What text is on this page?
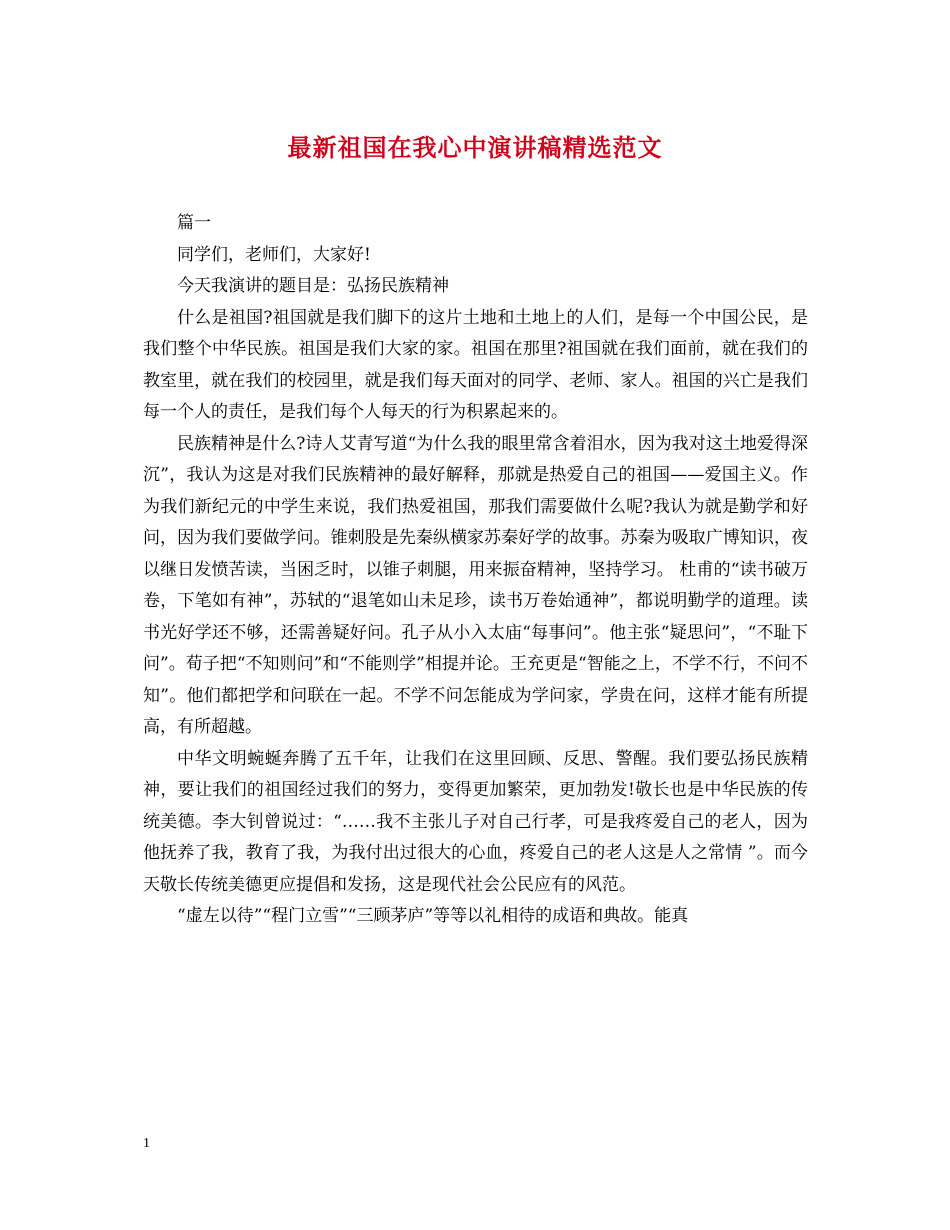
最新祖国在我心中演讲稿精选范文

篇一

同学们，老师们，大家好!

今天我演讲的题目是：弘扬民族精神

什么是祖国?祖国就是我们脚下的这片土地和土地上的人们，是每一个中国公民，是我们整个中华民族。祖国是我们大家的家。祖国在那里?祖国就在我们面前，就在我们的教室里，就在我们的校园里，就是我们每天面对的同学、老师、家人。祖国的兴亡是我们每一个人的责任，是我们每个人每天的行为积累起来的。

民族精神是什么?诗人艾青写道“为什么我的眼里常含着泪水，因为我对这土地爱得深沉”，我认为这是对我们民族精神的最好解释，那就是热爱自己的祖国——爱国主义。作为我们新纪元的中学生来说，我们热爱祖国，那我们需要做什么呢?我认为就是勤学和好问，因为我们要做学问。锥刺股是先秦纵横家苏秦好学的故事。苏秦为吸取广博知识，夜以继日发愤苦读，当困乏时，以锥子刺腿，用来振奋精神，坚持学习。 杜甫的“读书破万卷，下笔如有神”，苏轼的“退笔如山未足珍，读书万卷始通神”，都说明勤学的道理。读书光好学还不够，还需善疑好问。孔子从小入太庙“每事问”。他主张“疑思问”，“不耻下问”。荀子把“不知则问”和“不能则学”相提并论。王充更是“智能之上，不学不行，不问不知”。他们都把学和问联在一起。不学不问怎能成为学问家，学贵在问，这样才能有所提高，有所超越。

中华文明蜿蜒奔腾了五千年，让我们在这里回顾、反思、警醒。我们要弘扬民族精神，要让我们的祖国经过我们的努力，变得更加繁荣，更加勃发!敬长也是中华民族的传统美德。李大钊曾说过：“……我不主张儿子对自己行孝，可是我疼爱自己的老人，因为他抚养了我，教育了我，为我付出过很大的心血，疼爱自己的老人这是人之常情 ”。而今天敬长传统美德更应提倡和发扬，这是现代社会公民应有的风范。

“虚左以待”“程门立雪”“三顾茅庐”等等以礼相待的成语和典故。能真

1
